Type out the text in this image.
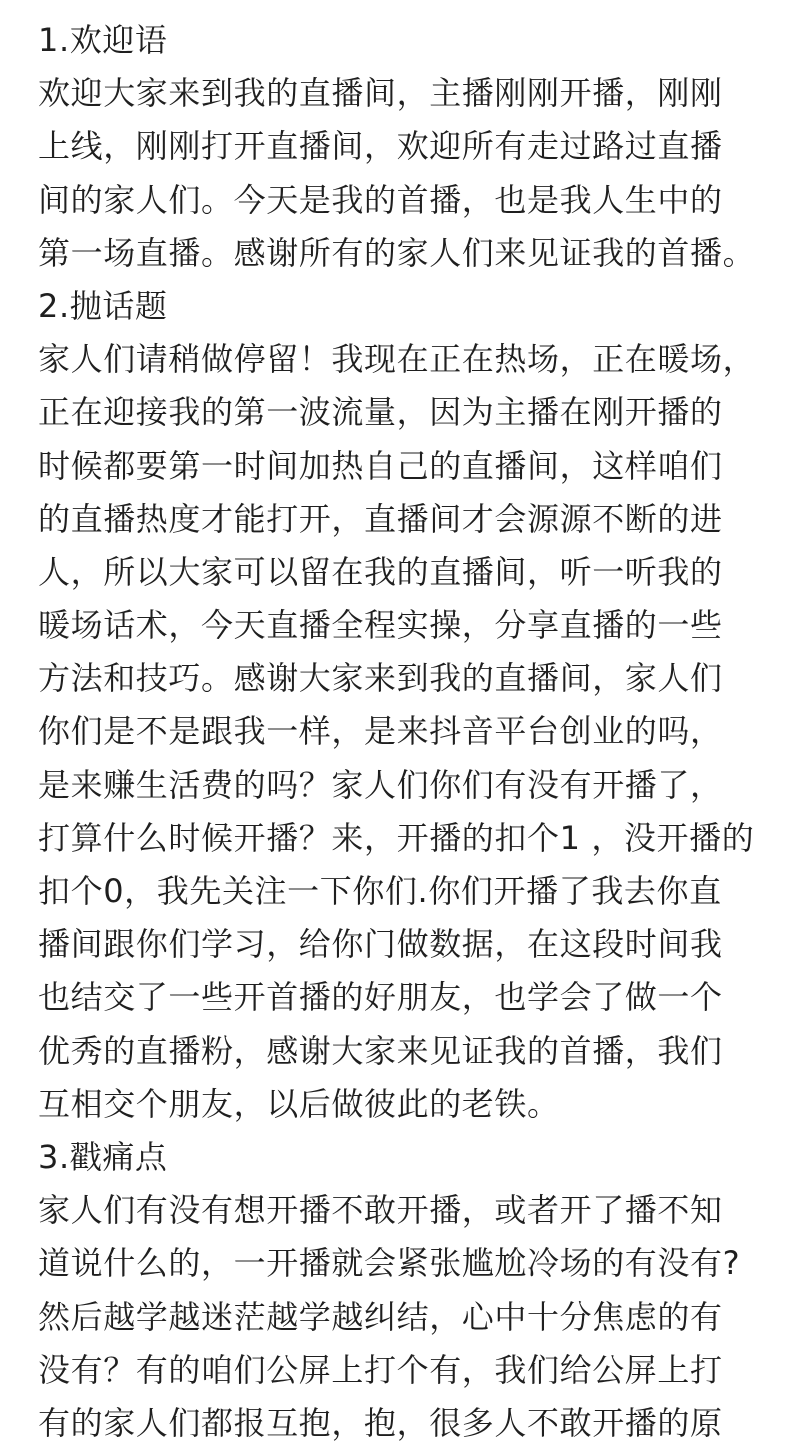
1.欢迎语
欢迎大家来到我的直播间，主播刚刚开播，刚刚
上线，刚刚打开直播间，欢迎所有走过路过直播
间的家人们。今天是我的首播，也是我人生中的
第一场直播。感谢所有的家人们来见证我的首播。
2.抛话题
家人们请稍做停留！我现在正在热场，正在暖场，
正在迎接我的第一波流量，因为主播在刚开播的
时候都要第一时间加热自己的直播间，这样咱们
的直播热度才能打开，直播间才会源源不断的进
人，所以大家可以留在我的直播间，听一听我的
暖场话术，今天直播全程实操，分享直播的一些
方法和技巧。感谢大家来到我的直播间，家人们
你们是不是跟我一样，是来抖音平台创业的吗，
是来赚生活费的吗？家人们你们有没有开播了，
打算什么时候开播？来，开播的扣个1 ，没开播的
扣个0，我先关注一下你们.你们开播了我去你直
播间跟你们学习，给你门做数据，在这段时间我
也结交了一些开首播的好朋友，也学会了做一个
优秀的直播粉，感谢大家来见证我的首播，我们
互相交个朋友，以后做彼此的老铁。
3.戳痛点
家人们有没有想开播不敢开播，或者开了播不知
道说什么的，一开播就会紧张尴尬冷场的有没有?
然后越学越迷茫越学越纠结，心中十分焦虑的有
没有？有的咱们公屏上打个有，我们给公屏上打
有的家人们都报互抱，抱，很多人不敢开播的原
